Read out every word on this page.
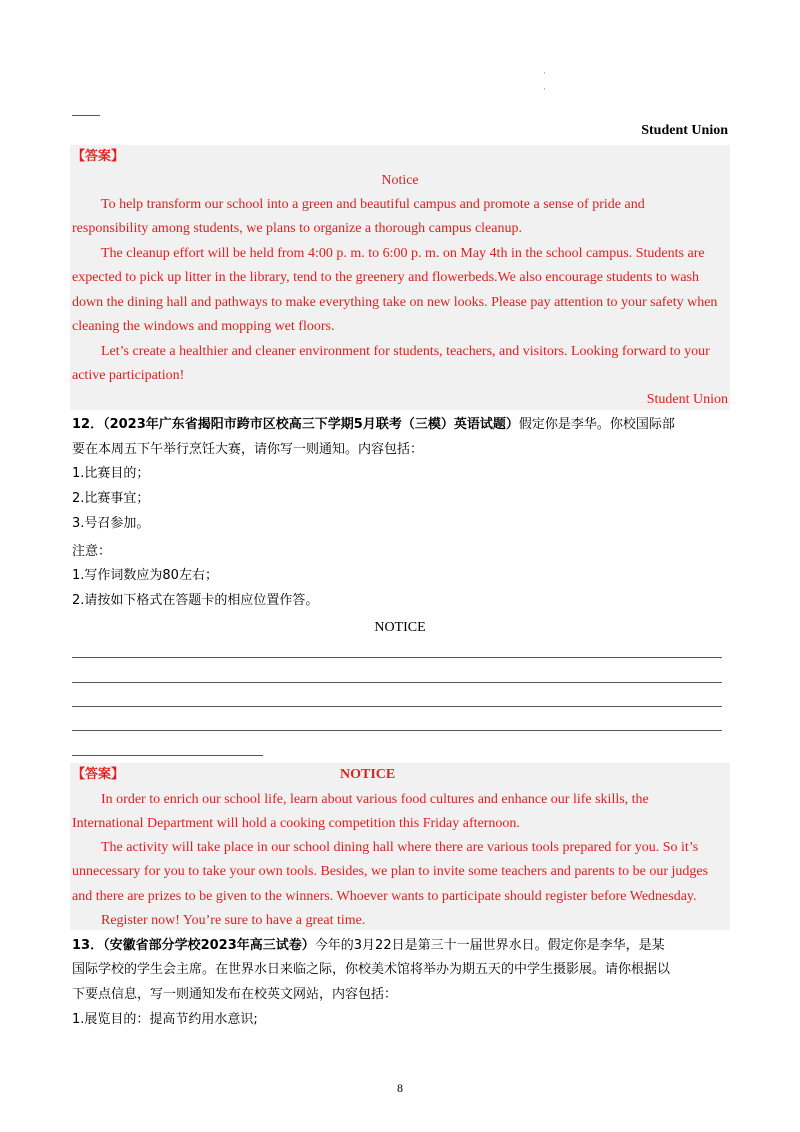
·
·
Student Union
【答案】
Notice
To help transform our school into a green and beautiful campus and promote a sense of pride and
responsibility among students, we plans to organize a thorough campus cleanup.
The cleanup effort will be held from 4:00 p. m. to 6:00 p. m. on May 4th in the school campus. Students are
expected to pick up litter in the library, tend to the greenery and flowerbeds.We also encourage students to wash
down the dining hall and pathways to make everything take on new looks. Please pay attention to your safety when
cleaning the windows and mopping wet floors.
Let’s create a healthier and cleaner environment for students, teachers, and visitors. Looking forward to your
active participation!
Student Union
12．（2023年广东省揭阳市跨市区校高三下学期5月联考（三模）英语试题）假定你是李华。你校国际部
要在本周五下午举行烹饪大赛，请你写一则通知。内容包括：
1.比赛目的；
2.比赛事宜；
3.号召参加。
注意：
1.写作词数应为80左右；
2.请按如下格式在答题卡的相应位置作答。
NOTICE
【答案】	NOTICE
In order to enrich our school life, learn about various food cultures and enhance our life skills, the
International Department will hold a cooking competition this Friday afternoon.
The activity will take place in our school dining hall where there are various tools prepared for you. So it’s
unnecessary for you to take your own tools. Besides, we plan to invite some teachers and parents to be our judges
and there are prizes to be given to the winners. Whoever wants to participate should register before Wednesday.
Register now! You’re sure to have a great time.
13．（安徽省部分学校2023年高三试卷）今年的3月22日是第三十一届世界水日。假定你是李华，是某
国际学校的学生会主席。在世界水日来临之际，你校美术馆将举办为期五天的中学生摄影展。请你根据以
下要点信息，写一则通知发布在校英文网站，内容包括：
1.展览目的：提高节约用水意识;
8
